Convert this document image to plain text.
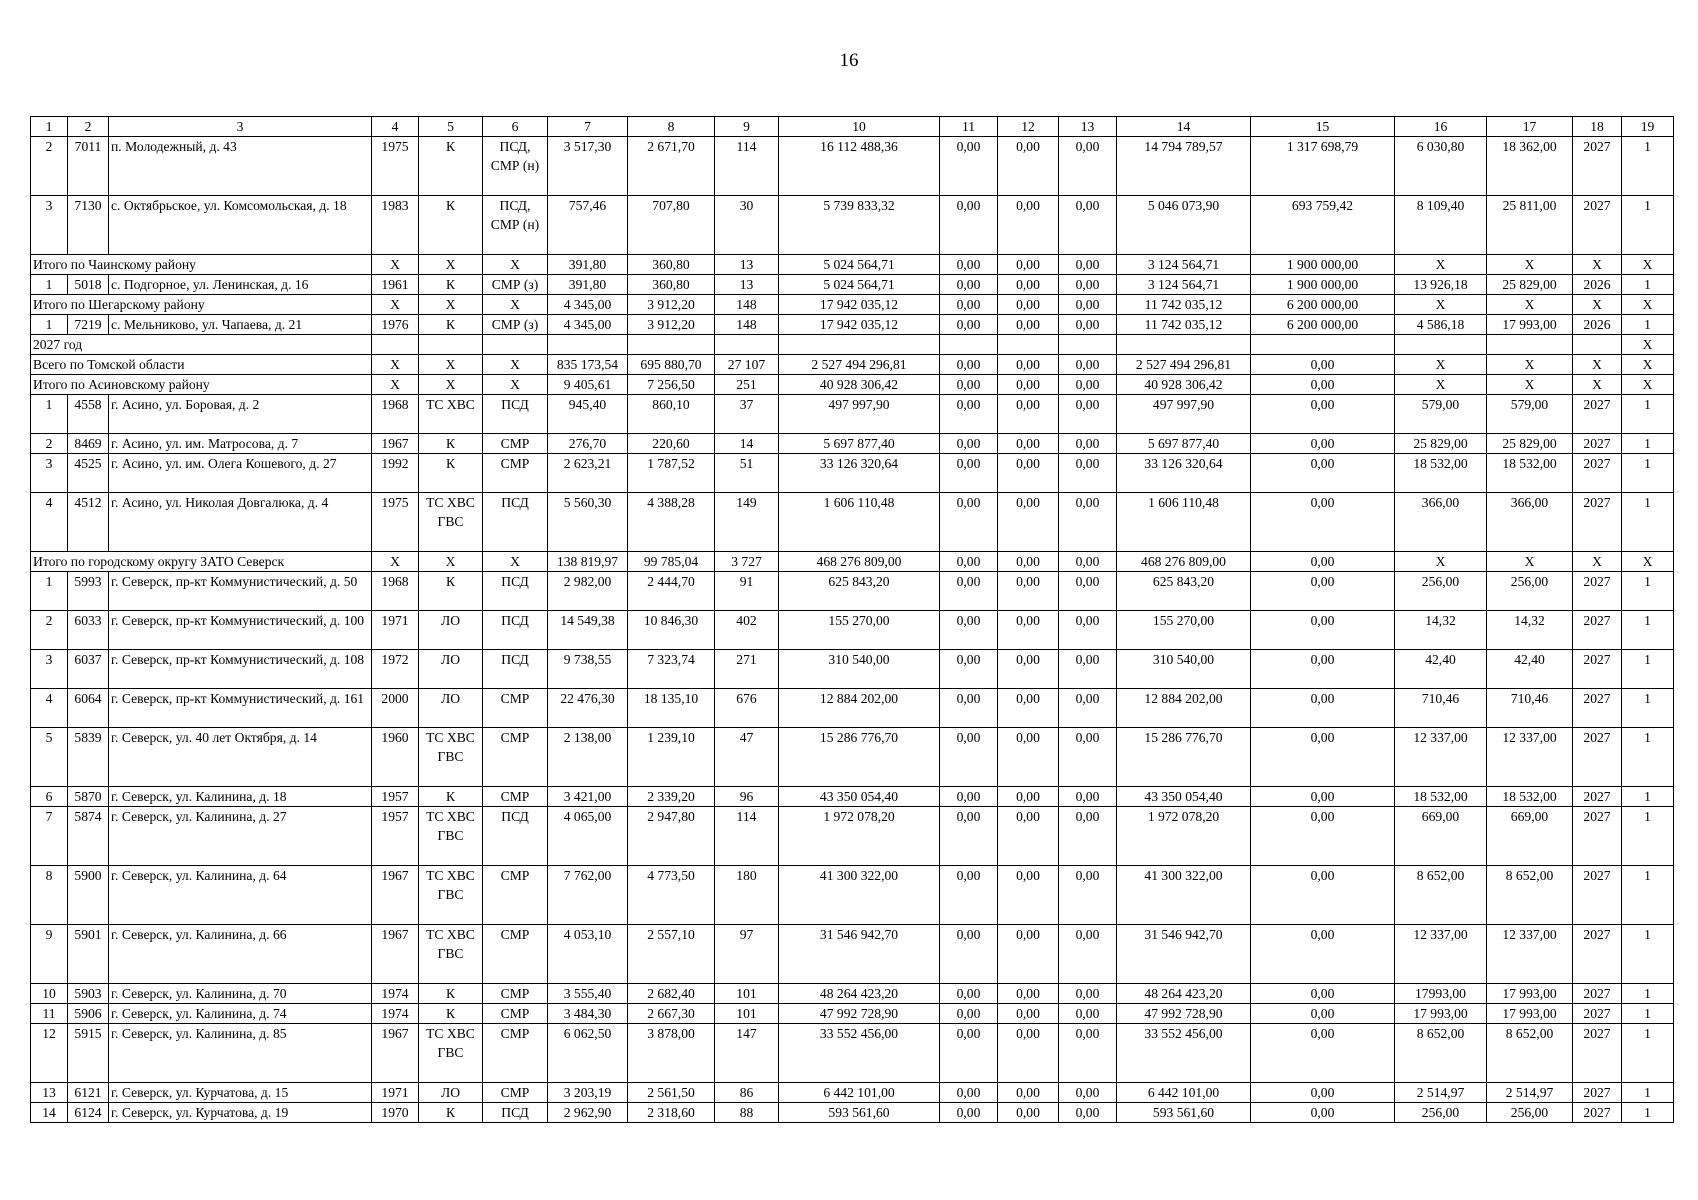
16
1	2	3	4	5	6	7	8	9	10	11	12	13	14	15	16	17	18	19
2	7011	п. Молодежный, д. 43	1975	К	ПСД, СМР (н)	3 517,30	2 671,70	114	16 112 488,36	0,00	0,00	0,00	14 794 789,57	1 317 698,79	6 030,80	18 362,00	2027	1
3	7130	с. Октябрьское, ул. Комсомольская, д. 18	1983	К	ПСД, СМР (н)	757,46	707,80	30	5 739 833,32	0,00	0,00	0,00	5 046 073,90	693 759,42	8 109,40	25 811,00	2027	1
Итого по Чаинскому району			X	X	X	391,80	360,80	13	5 024 564,71	0,00	0,00	0,00	3 124 564,71	1 900 000,00	X	X	X	X
1	5018	с. Подгорное, ул. Ленинская, д. 16	1961	К	СМР (з)	391,80	360,80	13	5 024 564,71	0,00	0,00	0,00	3 124 564,71	1 900 000,00	13 926,18	25 829,00	2026	1
Итого по Шегарскому району			X	X	X	4 345,00	3 912,20	148	17 942 035,12	0,00	0,00	0,00	11 742 035,12	6 200 000,00	X	X	X	X
1	7219	с. Мельниково, ул. Чапаева, д. 21	1976	К	СМР (з)	4 345,00	3 912,20	148	17 942 035,12	0,00	0,00	0,00	11 742 035,12	6 200 000,00	4 586,18	17 993,00	2026	1
2027 год																		X
Всего по Томской области			X	X	X	835 173,54	695 880,70	27 107	2 527 494 296,81	0,00	0,00	0,00	2 527 494 296,81	0,00	X	X	X	X
Итого по Асиновскому району			X	X	X	9 405,61	7 256,50	251	40 928 306,42	0,00	0,00	0,00	40 928 306,42	0,00	X	X	X	X
1	4558	г. Асино, ул. Боровая, д. 2	1968	ТС ХВС	ПСД	945,40	860,10	37	497 997,90	0,00	0,00	0,00	497 997,90	0,00	579,00	579,00	2027	1
2	8469	г. Асино, ул. им. Матросова, д. 7	1967	К	СМР	276,70	220,60	14	5 697 877,40	0,00	0,00	0,00	5 697 877,40	0,00	25 829,00	25 829,00	2027	1
3	4525	г. Асино, ул. им. Олега Кошевого, д. 27	1992	К	СМР	2 623,21	1 787,52	51	33 126 320,64	0,00	0,00	0,00	33 126 320,64	0,00	18 532,00	18 532,00	2027	1
4	4512	г. Асино, ул. Николая Довгалюка, д. 4	1975	ТС ХВС ГВС	ПСД	5 560,30	4 388,28	149	1 606 110,48	0,00	0,00	0,00	1 606 110,48	0,00	366,00	366,00	2027	1
Итого по городскому округу ЗАТО Северск			X	X	X	138 819,97	99 785,04	3 727	468 276 809,00	0,00	0,00	0,00	468 276 809,00	0,00	X	X	X	X
1	5993	г. Северск, пр-кт Коммунистический, д. 50	1968	К	ПСД	2 982,00	2 444,70	91	625 843,20	0,00	0,00	0,00	625 843,20	0,00	256,00	256,00	2027	1
2	6033	г. Северск, пр-кт Коммунистический, д. 100	1971	ЛО	ПСД	14 549,38	10 846,30	402	155 270,00	0,00	0,00	0,00	155 270,00	0,00	14,32	14,32	2027	1
3	6037	г. Северск, пр-кт Коммунистический, д. 108	1972	ЛО	ПСД	9 738,55	7 323,74	271	310 540,00	0,00	0,00	0,00	310 540,00	0,00	42,40	42,40	2027	1
4	6064	г. Северск, пр-кт Коммунистический, д. 161	2000	ЛО	СМР	22 476,30	18 135,10	676	12 884 202,00	0,00	0,00	0,00	12 884 202,00	0,00	710,46	710,46	2027	1
5	5839	г. Северск, ул. 40 лет Октября, д. 14	1960	ТС ХВС ГВС	СМР	2 138,00	1 239,10	47	15 286 776,70	0,00	0,00	0,00	15 286 776,70	0,00	12 337,00	12 337,00	2027	1
6	5870	г. Северск, ул. Калинина, д. 18	1957	К	СМР	3 421,00	2 339,20	96	43 350 054,40	0,00	0,00	0,00	43 350 054,40	0,00	18 532,00	18 532,00	2027	1
7	5874	г. Северск, ул. Калинина, д. 27	1957	ТС ХВС ГВС	ПСД	4 065,00	2 947,80	114	1 972 078,20	0,00	0,00	0,00	1 972 078,20	0,00	669,00	669,00	2027	1
8	5900	г. Северск, ул. Калинина, д. 64	1967	ТС ХВС ГВС	СМР	7 762,00	4 773,50	180	41 300 322,00	0,00	0,00	0,00	41 300 322,00	0,00	8 652,00	8 652,00	2027	1
9	5901	г. Северск, ул. Калинина, д. 66	1967	ТС ХВС ГВС	СМР	4 053,10	2 557,10	97	31 546 942,70	0,00	0,00	0,00	31 546 942,70	0,00	12 337,00	12 337,00	2027	1
10	5903	г. Северск, ул. Калинина, д. 70	1974	К	СМР	3 555,40	2 682,40	101	48 264 423,20	0,00	0,00	0,00	48 264 423,20	0,00	17993,00	17 993,00	2027	1
11	5906	г. Северск, ул. Калинина, д. 74	1974	К	СМР	3 484,30	2 667,30	101	47 992 728,90	0,00	0,00	0,00	47 992 728,90	0,00	17 993,00	17 993,00	2027	1
12	5915	г. Северск, ул. Калинина, д. 85	1967	ТС ХВС ГВС	СМР	6 062,50	3 878,00	147	33 552 456,00	0,00	0,00	0,00	33 552 456,00	0,00	8 652,00	8 652,00	2027	1
13	6121	г. Северск, ул. Курчатова, д. 15	1971	ЛО	СМР	3 203,19	2 561,50	86	6 442 101,00	0,00	0,00	0,00	6 442 101,00	0,00	2 514,97	2 514,97	2027	1
14	6124	г. Северск, ул. Курчатова, д. 19	1970	К	ПСД	2 962,90	2 318,60	88	593 561,60	0,00	0,00	0,00	593 561,60	0,00	256,00	256,00	2027	1
